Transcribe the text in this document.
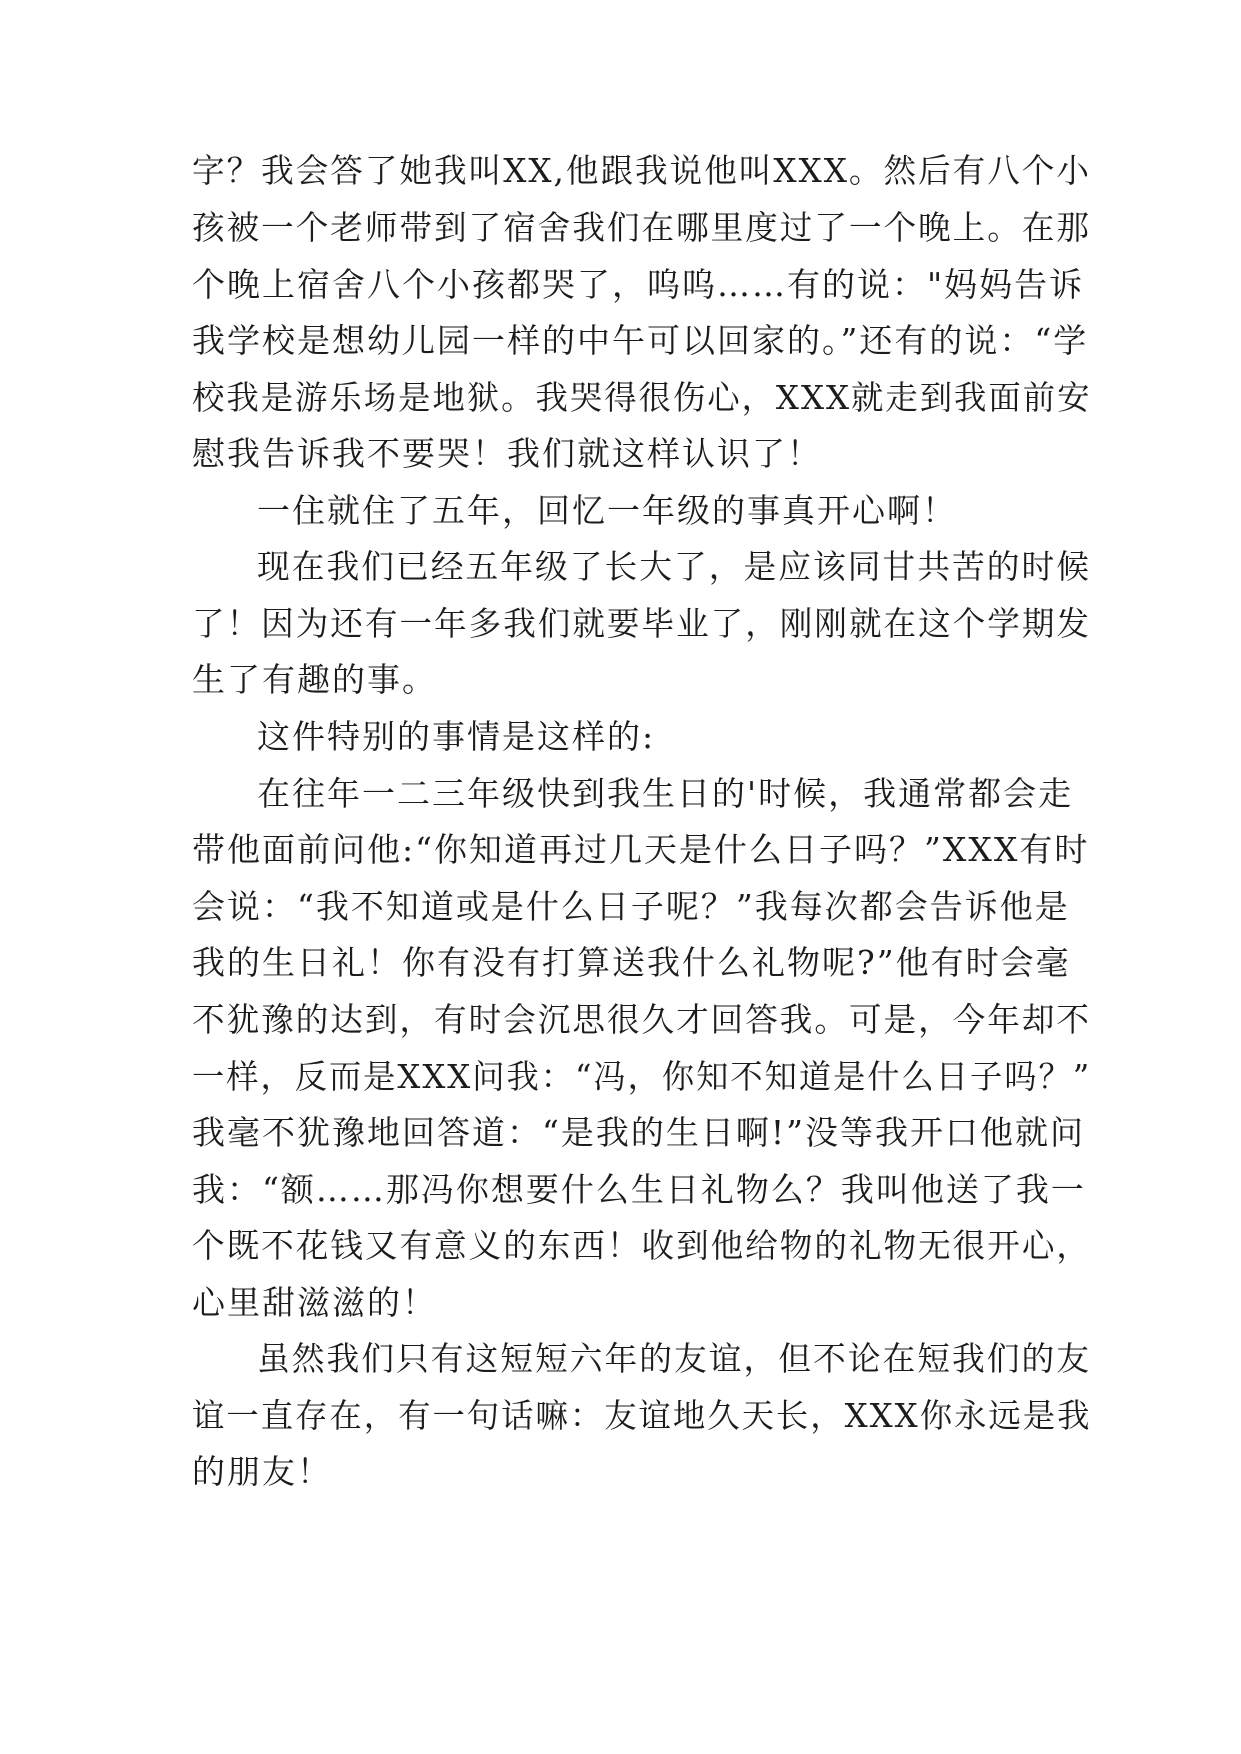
字？我会答了她我叫XX,他跟我说他叫XXX。然后有八个小
孩被一个老师带到了宿舍我们在哪里度过了一个晚上。在那
个晚上宿舍八个小孩都哭了，呜呜……有的说："妈妈告诉
我学校是想幼儿园一样的中午可以回家的。”还有的说：“学
校我是游乐场是地狱。我哭得很伤心，XXX就走到我面前安
慰我告诉我不要哭！我们就这样认识了！
一住就住了五年，回忆一年级的事真开心啊！
现在我们已经五年级了长大了，是应该同甘共苦的时候
了！因为还有一年多我们就要毕业了，刚刚就在这个学期发
生了有趣的事。
这件特别的事情是这样的:
在往年一二三年级快到我生日的'时候，我通常都会走
带他面前问他:“你知道再过几天是什么日子吗？”XXX有时
会说：“我不知道或是什么日子呢？”我每次都会告诉他是
我的生日礼！你有没有打算送我什么礼物呢?”他有时会毫
不犹豫的达到，有时会沉思很久才回答我。可是，今年却不
一样，反而是XXX问我：“冯，你知不知道是什么日子吗？”
我毫不犹豫地回答道：“是我的生日啊!”没等我开口他就问
我：“额……那冯你想要什么生日礼物么？我叫他送了我一
个既不花钱又有意义的东西！收到他给物的礼物无很开心，
心里甜滋滋的！
虽然我们只有这短短六年的友谊，但不论在短我们的友
谊一直存在，有一句话嘛：友谊地久天长，XXX你永远是我
的朋友！
